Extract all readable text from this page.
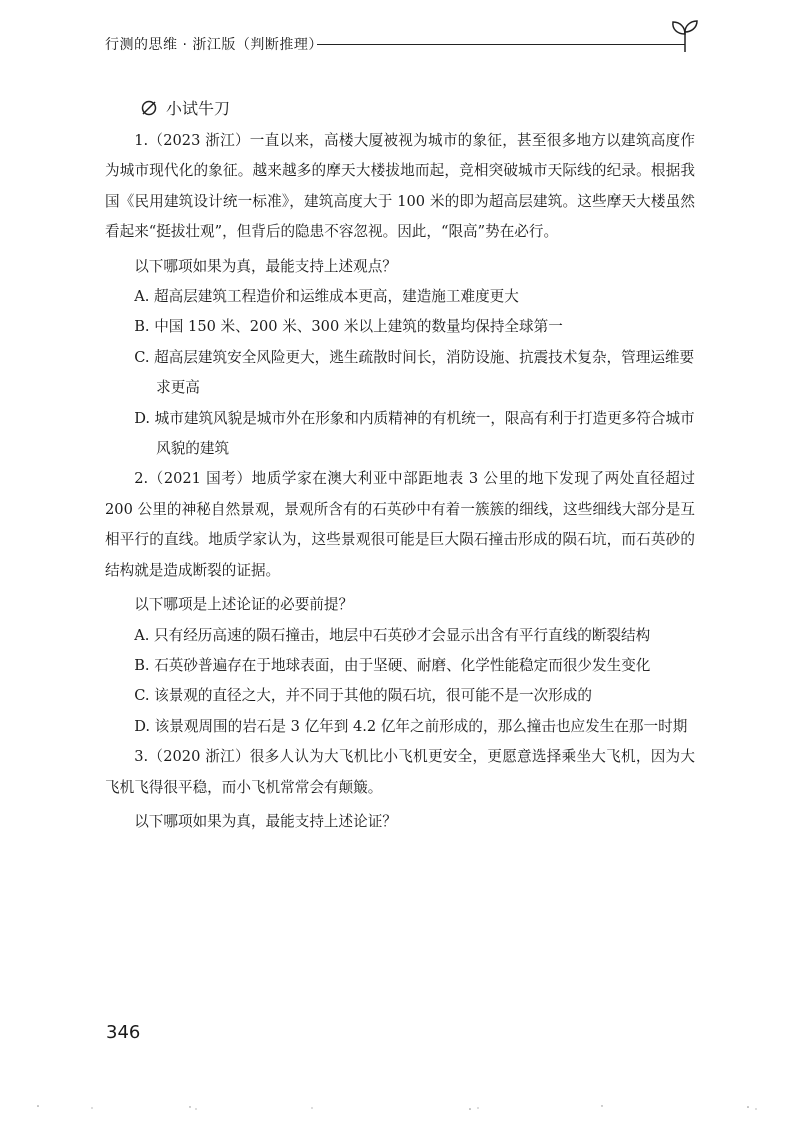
行测的思维 · 浙江版（判断推理）
小试牛刀

1.（2023 浙江）一直以来，高楼大厦被视为城市的象征，甚至很多地方以建筑高度作为城市现代化的象征。越来越多的摩天大楼拔地而起，竞相突破城市天际线的纪录。根据我国《民用建筑设计统一标准》，建筑高度大于 100 米的即为超高层建筑。这些摩天大楼虽然看起来“挺拔壮观”，但背后的隐患不容忽视。因此，“限高”势在必行。

以下哪项如果为真，最能支持上述观点？

A. 超高层建筑工程造价和运维成本更高，建造施工难度更大

B. 中国 150 米、200 米、300 米以上建筑的数量均保持全球第一

C. 超高层建筑安全风险更大，逃生疏散时间长，消防设施、抗震技术复杂，管理运维要求更高

D. 城市建筑风貌是城市外在形象和内质精神的有机统一，限高有利于打造更多符合城市风貌的建筑

2.（2021 国考）地质学家在澳大利亚中部距地表 3 公里的地下发现了两处直径超过 200 公里的神秘自然景观，景观所含有的石英砂中有着一簇簇的细线，这些细线大部分是互相平行的直线。地质学家认为，这些景观很可能是巨大陨石撞击形成的陨石坑，而石英砂的结构就是造成断裂的证据。

以下哪项是上述论证的必要前提？

A. 只有经历高速的陨石撞击，地层中石英砂才会显示出含有平行直线的断裂结构

B. 石英砂普遍存在于地球表面，由于坚硬、耐磨、化学性能稳定而很少发生变化

C. 该景观的直径之大，并不同于其他的陨石坑，很可能不是一次形成的

D. 该景观周围的岩石是 3 亿年到 4.2 亿年之前形成的，那么撞击也应发生在那一时期

3.（2020 浙江）很多人认为大飞机比小飞机更安全，更愿意选择乘坐大飞机，因为大飞机飞得很平稳，而小飞机常常会有颠簸。

以下哪项如果为真，最能支持上述论证？

346
